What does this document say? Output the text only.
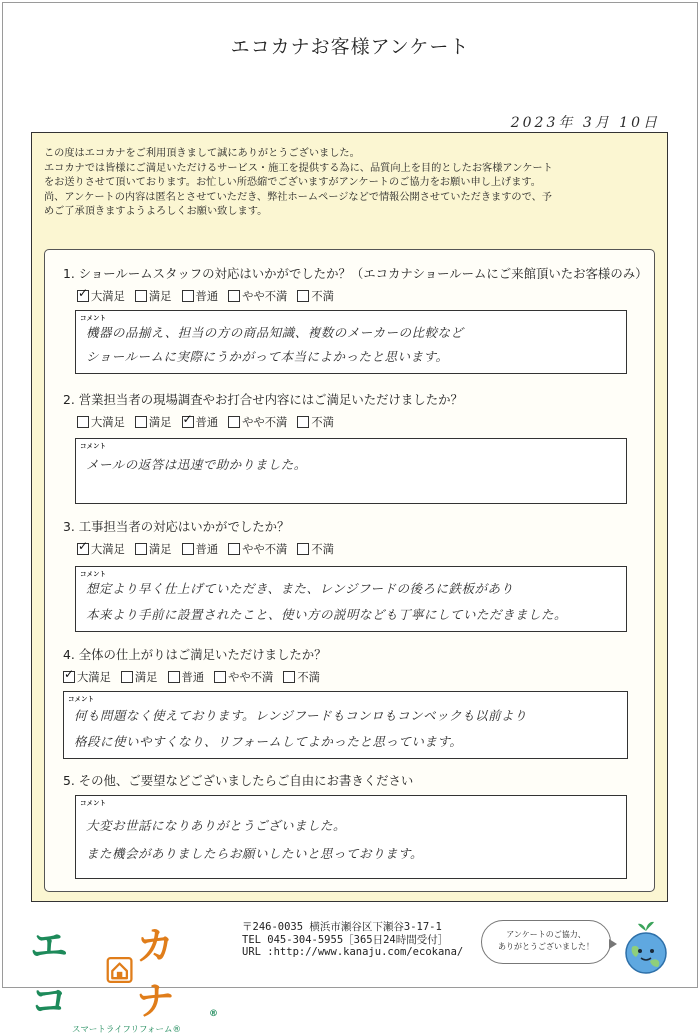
エコカナお客様アンケート
2023年 3月 10日
この度はエコカナをご利用頂きまして誠にありがとうございました。
エコカナでは皆様にご満足いただけるサービス・施工を提供する為に、品質向上を目的としたお客様アンケート
をお送りさせて頂いております。お忙しい所恐縮でございますがアンケートのご協力をお願い申し上げます。
尚、アンケートの内容は匿名とさせていただき、弊社ホームページなどで情報公開させていただきますので、予
めご了承頂きますようよろしくお願い致します。
1. ショールームスタッフの対応はいかがでしたか？（エコカナショールームにご来館頂いたお客様のみ）
✓
大満足 満足 普通 やや不満 不満
コメント
機器の品揃え、担当の方の商品知識、複数のメーカーの比較など
ショールームに実際にうかがって本当によかったと思います。
2. 営業担当者の現場調査やお打合せ内容にはご満足いただけましたか？
大満足 満足
✓ 普通 やや不満 不満
コメント
メールの返答は迅速で助かりました。
3. 工事担当者の対応はいかがでしたか？
✓
大満足 満足 普通 やや不満 不満
コメント
想定より早く仕上げていただき、また、レンジフードの後ろに鉄板があり
本来より手前に設置されたこと、使い方の説明なども丁寧にしていただきました。
4. 全体の仕上がりはご満足いただけましたか？
✓
大満足 満足 普通 やや不満 不満
コメント
何も問題なく使えております。レンジフードもコンロもコンベックも以前より
格段に使いやすくなり、リフォームしてよかったと思っています。
5. その他、ご要望などございましたらご自由にお書きください
コメント
大変お世話になりありがとうございました。
また機会がありましたらお願いしたいと思っております。
エコ
カナ	®
スマートライフリフォーム®
〒246-0035 横浜市瀬谷区下瀬谷3-17-1
TEL 045-304-5955［365日24時間受付］
URL :http://www.kanaju.com/ecokana/
アンケートのご協力、
ありがとうございました！
